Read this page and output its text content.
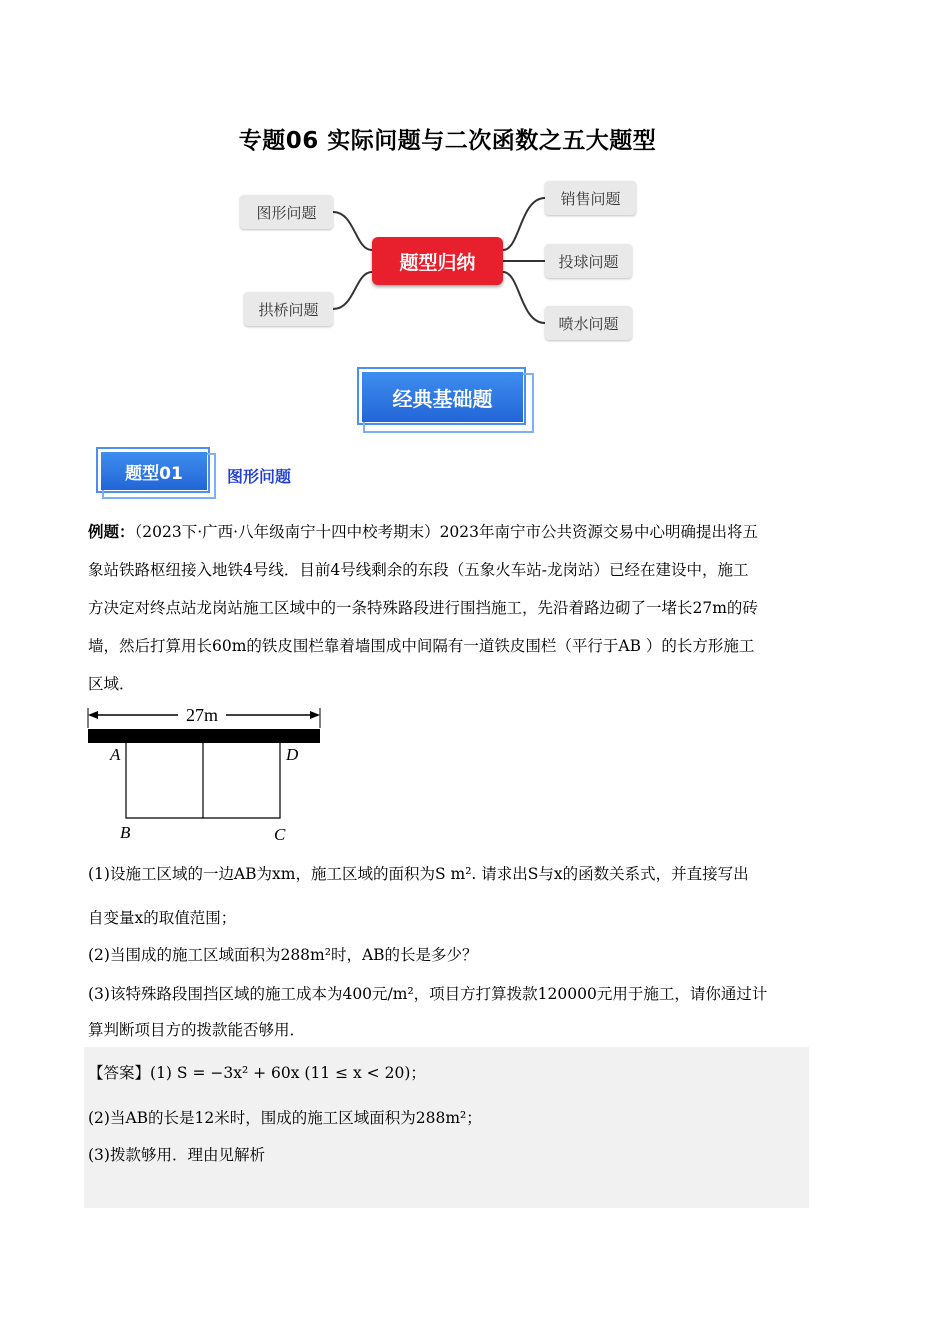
专题06 实际问题与二次函数之五大题型
图形问题
拱桥问题
题型归纳
销售问题
投球问题
喷水问题
经典基础题
题型01	图形问题
例题：（2023下·广西·八年级南宁十四中校考期末）2023年南宁市公共资源交易中心明确提出将五
象站铁路枢纽接入地铁4号线．目前4号线剩余的东段（五象火车站-龙岗站）已经在建设中，施工
方决定对终点站龙岗站施工区域中的一条特殊路段进行围挡施工，先沿着路边砌了一堵长27m的砖
墙，然后打算用长60m的铁皮围栏靠着墙围成中间隔有一道铁皮围栏（平行于AB ）的长方形施工
区域．
27m
A	D
B	C
(1)设施工区域的一边AB为xm，施工区域的面积为S m². 请求出S与x的函数关系式，并直接写出
自变量x的取值范围；
(2)当围成的施工区域面积为288m²时，AB的长是多少？
(3)该特殊路段围挡区域的施工成本为400元/m²，项目方打算拨款120000元用于施工，请你通过计
算判断项目方的拨款能否够用．
【答案】(1) S = −3x² + 60x (11 ≤ x < 20)；
(2)当AB的长是12米时，围成的施工区域面积为288m²；
(3)拨款够用．理由见解析
